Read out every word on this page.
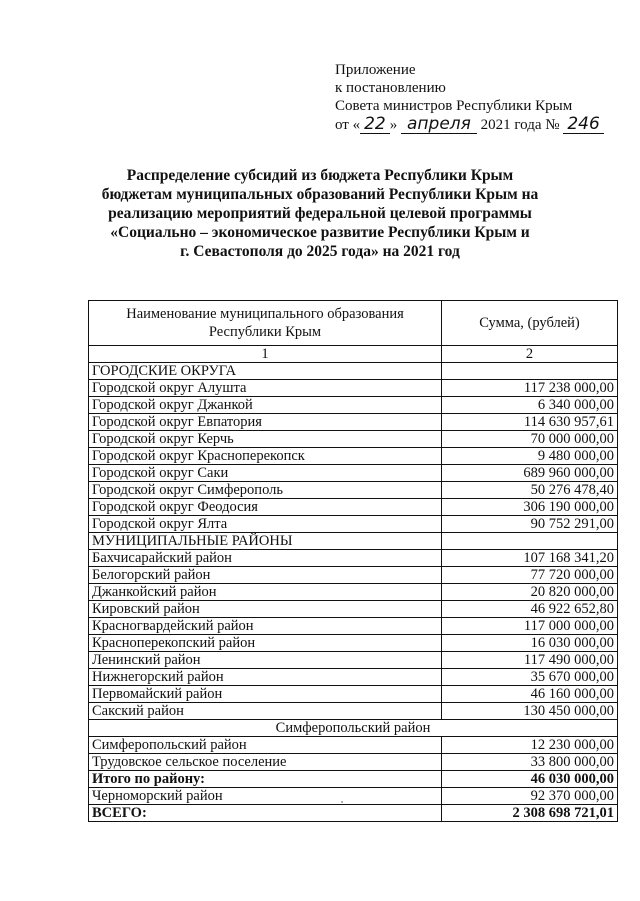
Приложение
к постановлению
Совета министров Республики Крым
от « 22 » апреля 2021 года № 246
Распределение субсидий из бюджета Республики Крым
бюджетам муниципальных образований Республики Крым на
реализацию мероприятий федеральной целевой программы
«Социально – экономическое развитие Республики Крым и
г. Севастополя до 2025 года» на 2021 год
Наименование муниципального образования Республики Крым	Сумма, (рублей)
1	2
ГОРОДСКИЕ ОКРУГА	
Городской округ Алушта	117 238 000,00
Городской округ Джанкой	6 340 000,00
Городской округ Евпатория	114 630 957,61
Городской округ Керчь	70 000 000,00
Городской округ Красноперекопск	9 480 000,00
Городской округ Саки	689 960 000,00
Городской округ Симферополь	50 276 478,40
Городской округ Феодосия	306 190 000,00
Городской округ Ялта	90 752 291,00
МУНИЦИПАЛЬНЫЕ РАЙОНЫ	
Бахчисарайский район	107 168 341,20
Белогорский район	77 720 000,00
Джанкойский район	20 820 000,00
Кировский район	46 922 652,80
Красногвардейский район	117 000 000,00
Красноперекопский район	16 030 000,00
Ленинский район	117 490 000,00
Нижнегорский район	35 670 000,00
Первомайский район	46 160 000,00
Сакский район	130 450 000,00
Симферопольский район	
Симферопольский район	12 230 000,00
Трудовское сельское поселение	33 800 000,00
Итого по району:	46 030 000,00
Черноморский район	92 370 000,00
ВСЕГО:	2 308 698 721,01
